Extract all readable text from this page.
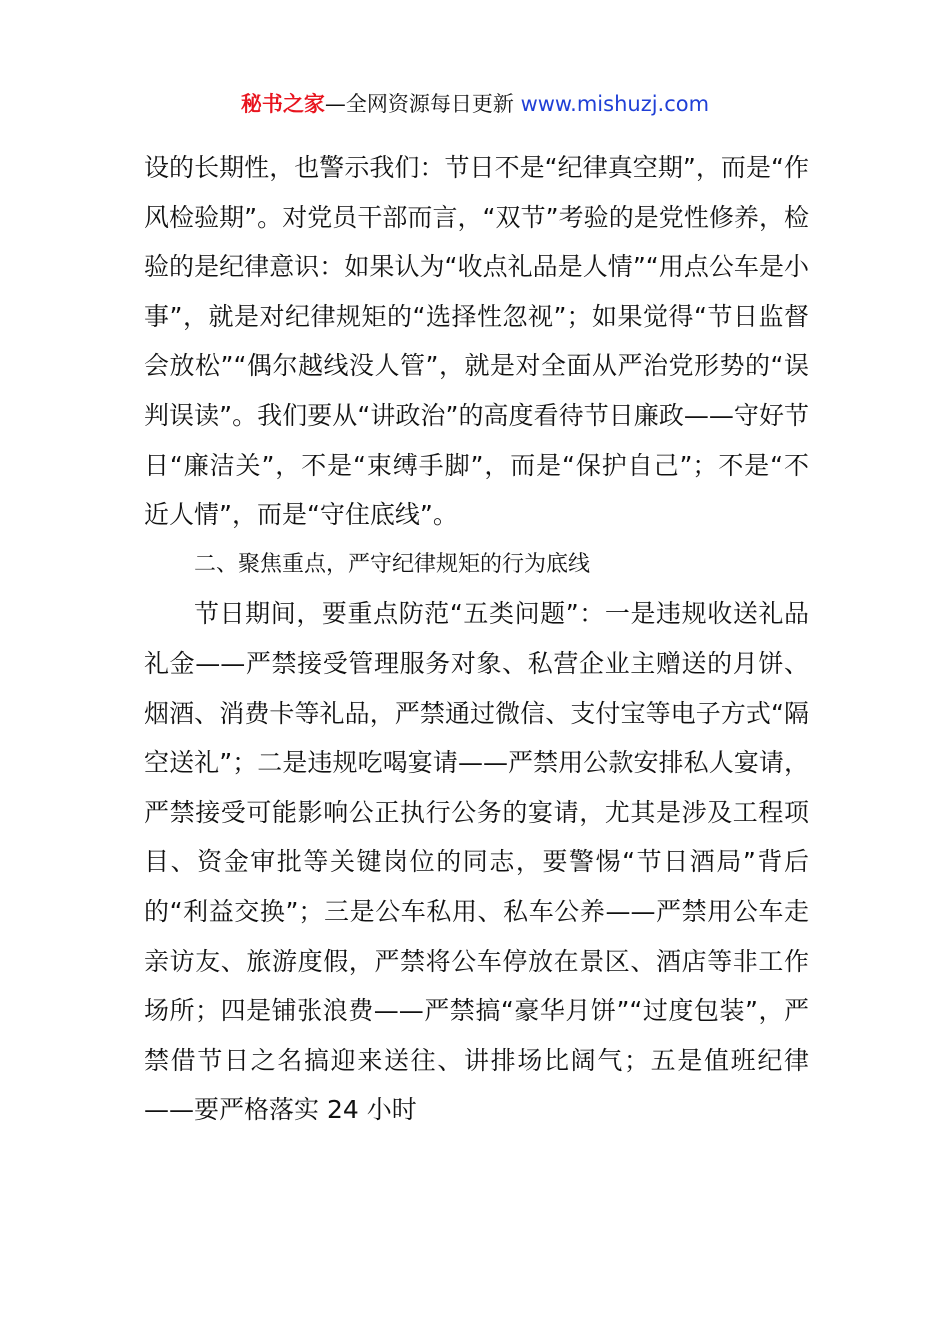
秘书之家—全网资源每日更新 www.mishuzj.com

设的长期性，也警示我们：节日不是“纪律真空期”，而是“作风检验期”。对党员干部而言，“双节”考验的是党性修养，检验的是纪律意识：如果认为“收点礼品是人情”“用点公车是小事”，就是对纪律规矩的“选择性忽视”；如果觉得“节日监督会放松”“偶尔越线没人管”，就是对全面从严治党形势的“误判误读”。我们要从“讲政治”的高度看待节日廉政——守好节日“廉洁关”，不是“束缚手脚”，而是“保护自己”；不是“不近人情”，而是“守住底线”。

二、聚焦重点，严守纪律规矩的行为底线

节日期间，要重点防范“五类问题”：一是违规收送礼品礼金——严禁接受管理服务对象、私营企业主赠送的月饼、烟酒、消费卡等礼品，严禁通过微信、支付宝等电子方式“隔空送礼”；二是违规吃喝宴请——严禁用公款安排私人宴请，严禁接受可能影响公正执行公务的宴请，尤其是涉及工程项目、资金审批等关键岗位的同志，要警惕“节日酒局”背后的“利益交换”；三是公车私用、私车公养——严禁用公车走亲访友、旅游度假，严禁将公车停放在景区、酒店等非工作场所；四是铺张浪费——严禁搞“豪华月饼”“过度包装”，严禁借节日之名搞迎来送往、讲排场比阔气；五是值班纪律——要严格落实 24 小时
